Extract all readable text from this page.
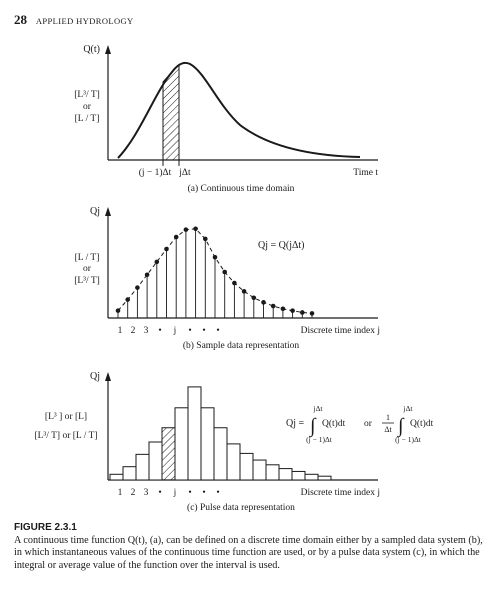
28 APPLIED HYDROLOGY
Q(t)
[L³/ T]
or
[L / T]
(j − 1)Δt jΔt	Time t
(a) Continuous time domain
Qj
[L / T]
or
[L³/ T]
1 2 3 • j • • •
Qj = Q(jΔt)
Discrete time index j
(b) Sample data representation
Qj
[L³ ] or [L]
[L³/ T] or [L / T]
1 2 3 • j • • •
Qj = ∫
jΔt
(j − 1)Δt
Q(t)dt or
1
Δt ∫
jΔt
(j − 1)Δt
Q(t)dt
Discrete time index j
(c) Pulse data representation
FIGURE 2.3.1
A continuous time function Q(t), (a), can be defined on a discrete time domain either by a sampled data system (b), in which instantaneous values of the continuous time function are used, or by a pulse data system (c), in which the integral or average value of the function over the interval is used.
